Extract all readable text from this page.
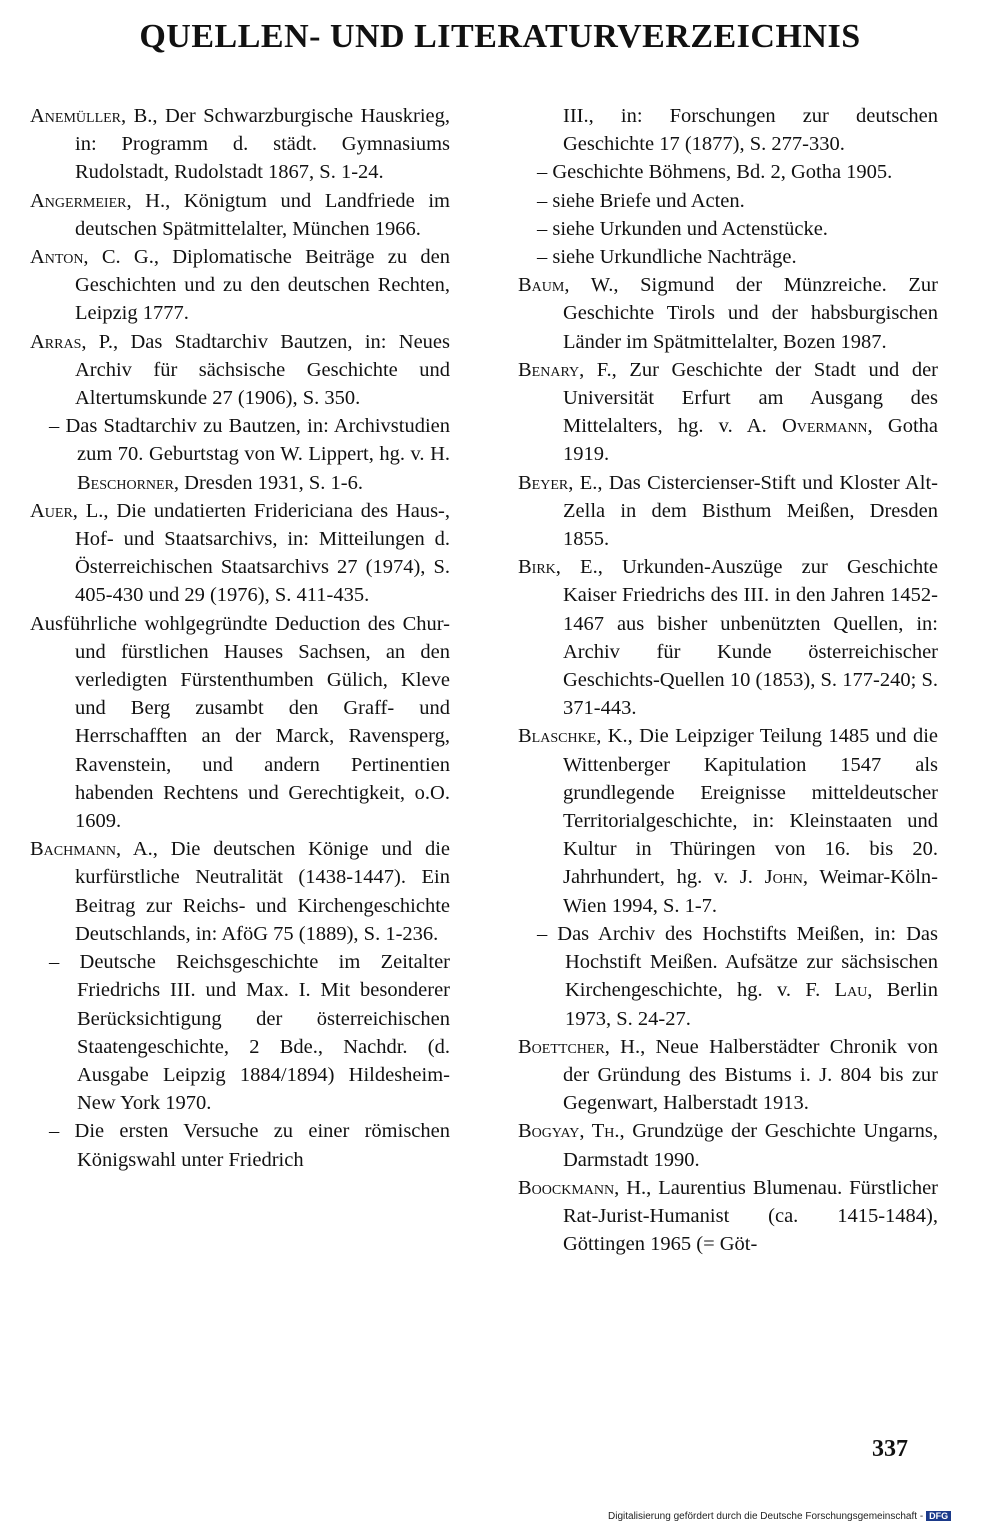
QUELLEN- UND LITERATURVERZEICHNIS

Anemüller, B., Der Schwarzburgische Hauskrieg, in: Programm d. städt. Gymnasiums Rudolstadt, Rudolstadt 1867, S. 1-24.

Angermeier, H., Königtum und Landfriede im deutschen Spätmittelalter, München 1966.

Anton, C. G., Diplomatische Beiträge zu den Geschichten und zu den deutschen Rechten, Leipzig 1777.

Arras, P., Das Stadtarchiv Bautzen, in: Neues Archiv für sächsische Geschichte und Altertumskunde 27 (1906), S. 350.

– Das Stadtarchiv zu Bautzen, in: Archivstudien zum 70. Geburtstag von W. Lippert, hg. v. H. Beschorner, Dresden 1931, S. 1-6.

Auer, L., Die undatierten Fridericiana des Haus-, Hof- und Staatsarchivs, in: Mitteilungen d. Österreichischen Staatsarchivs 27 (1974), S. 405-430 und 29 (1976), S. 411-435.

Ausführliche wohlgegründte Deduction des Chur- und fürstlichen Hauses Sachsen, an den verledigten Fürstenthumben Gülich, Kleve und Berg zusambt den Graff- und Herrschafften an der Marck, Ravensperg, Ravenstein, und andern Pertinentien habenden Rechtens und Gerechtigkeit, o.O. 1609.

Bachmann, A., Die deutschen Könige und die kurfürstliche Neutralität (1438-1447). Ein Beitrag zur Reichs- und Kirchengeschichte Deutschlands, in: AföG 75 (1889), S. 1-236.

– Deutsche Reichsgeschichte im Zeitalter Friedrichs III. und Max. I. Mit besonderer Berücksichtigung der österreichischen Staatengeschichte, 2 Bde., Nachdr. (d. Ausgabe Leipzig 1884/1894) Hildesheim-New York 1970.

– Die ersten Versuche zu einer römischen Königswahl unter Friedrich

III., in: Forschungen zur deutschen Geschichte 17 (1877), S. 277-330.

– Geschichte Böhmens, Bd. 2, Gotha 1905.

– siehe Briefe und Acten.

– siehe Urkunden und Actenstücke.

– siehe Urkundliche Nachträge.

Baum, W., Sigmund der Münzreiche. Zur Geschichte Tirols und der habsburgischen Länder im Spätmittelalter, Bozen 1987.

Benary, F., Zur Geschichte der Stadt und der Universität Erfurt am Ausgang des Mittelalters, hg. v. A. Overmann, Gotha 1919.

Beyer, E., Das Cistercienser-Stift und Kloster Alt-Zella in dem Bisthum Meißen, Dresden 1855.

Birk, E., Urkunden-Auszüge zur Geschichte Kaiser Friedrichs des III. in den Jahren 1452-1467 aus bisher unbenützten Quellen, in: Archiv für Kunde österreichischer Geschichts-Quellen 10 (1853), S. 177-240; S. 371-443.

Blaschke, K., Die Leipziger Teilung 1485 und die Wittenberger Kapitulation 1547 als grundlegende Ereignisse mitteldeutscher Territorialgeschichte, in: Kleinstaaten und Kultur in Thüringen von 16. bis 20. Jahrhundert, hg. v. J. John, Weimar-Köln-Wien 1994, S. 1-7.

– Das Archiv des Hochstifts Meißen, in: Das Hochstift Meißen. Aufsätze zur sächsischen Kirchengeschichte, hg. v. F. Lau, Berlin 1973, S. 24-27.

Boettcher, H., Neue Halberstädter Chronik von der Gründung des Bistums i. J. 804 bis zur Gegenwart, Halberstadt 1913.

Bogyay, Th., Grundzüge der Geschichte Ungarns, Darmstadt 1990.

Boockmann, H., Laurentius Blumenau. Fürstlicher Rat-Jurist-Humanist (ca. 1415-1484), Göttingen 1965 (= Göt-

337
Digitalisierung gefördert durch die Deutsche Forschungsgemeinschaft - DFG
